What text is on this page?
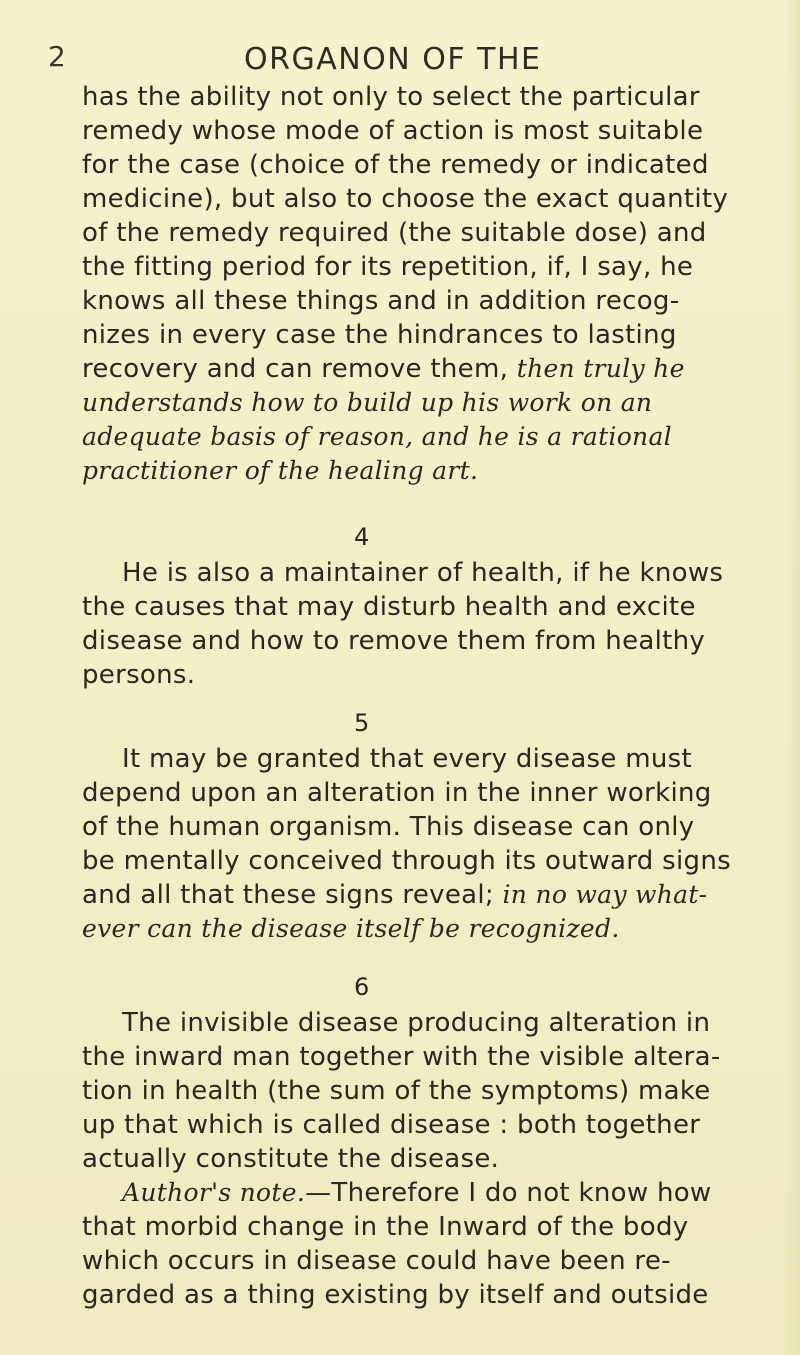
2	ORGANON OF THE
has the ability not only to select the particular
remedy whose mode of action is most suitable
for the case (choice of the remedy or indicated
medicine), but also to choose the exact quantity
of the remedy required (the suitable dose) and
the fitting period for its repetition, if, I say, he
knows all these things and in addition recog-
nizes in every case the hindrances to lasting
recovery and can remove them, then truly he
understands how to build up his work on an
adequate basis of reason, and he is a rational
practitioner of the healing art.
4
He is also a maintainer of health, if he knows
the causes that may disturb health and excite
disease and how to remove them from healthy
persons.
5
It may be granted that every disease must
depend upon an alteration in the inner working
of the human organism. This disease can only
be mentally conceived through its outward signs
and all that these signs reveal; in no way what-
ever can the disease itself be recognized.
6
The invisible disease producing alteration in
the inward man together with the visible altera-
tion in health (the sum of the symptoms) make
up that which is called disease : both together
actually constitute the disease.
Author's note.—Therefore I do not know how
that morbid change in the Inward of the body
which occurs in disease could have been re-
garded as a thing existing by itself and outside
